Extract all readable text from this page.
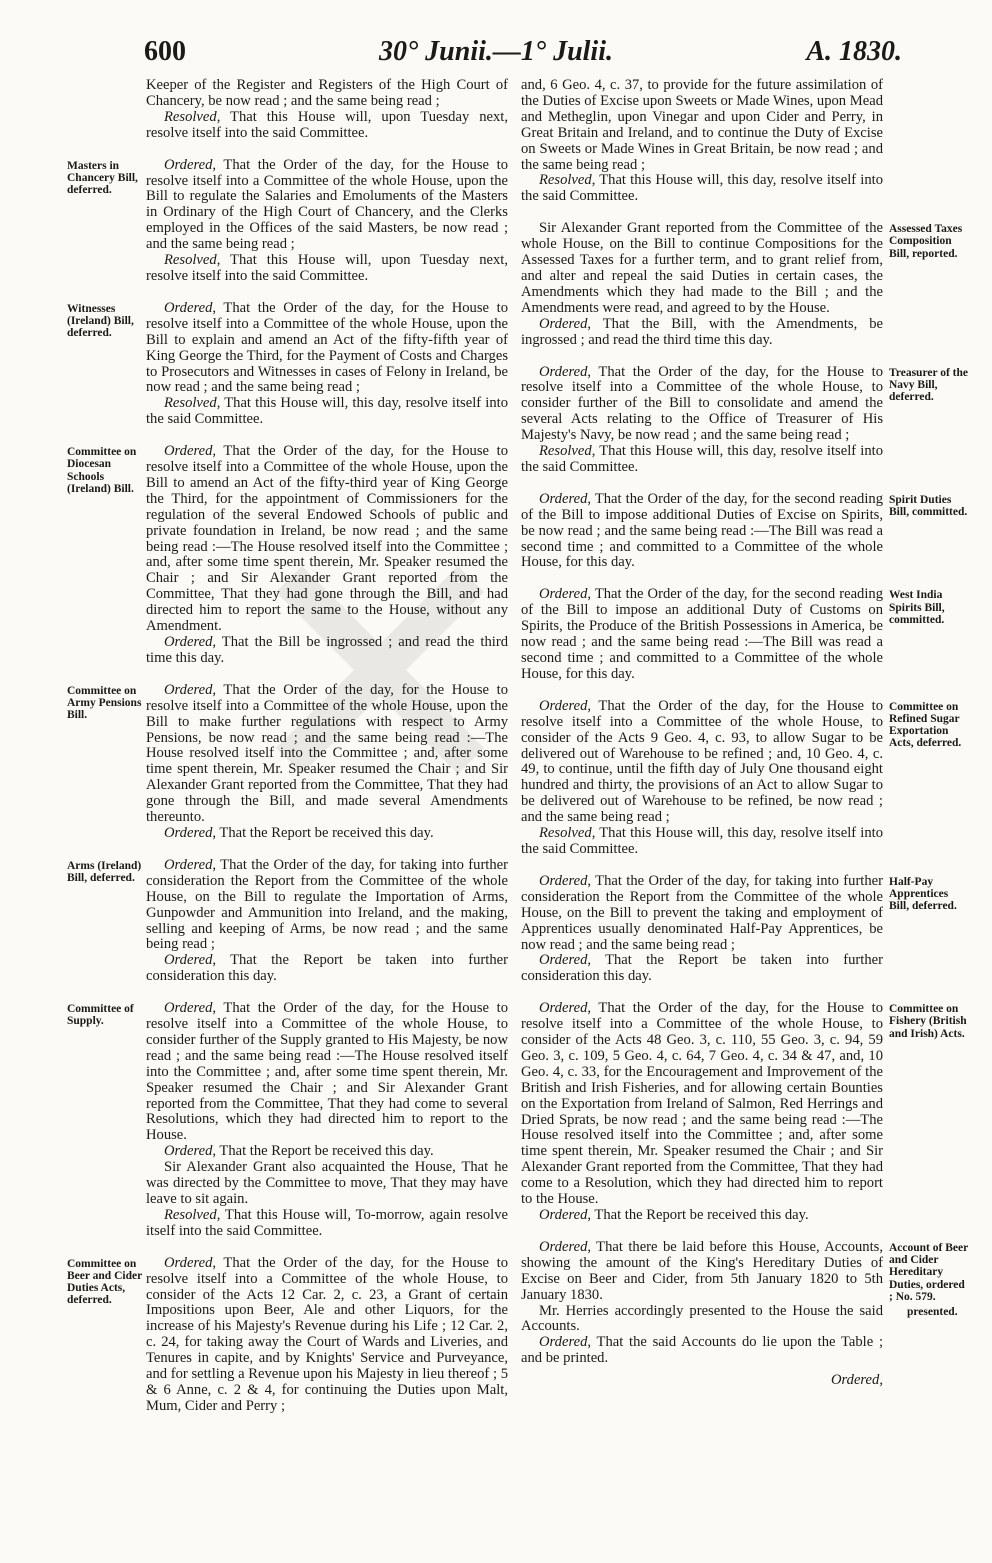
600	30° Junii.—1° Julii.	A. 1830.

Keeper of the Register and Registers of the High Court of Chancery, be now read ; and the same being read ;

Resolved, That this House will, upon Tuesday next, resolve itself into the said Committee.

Masters in Chancery Bill, deferred.

Ordered, That the Order of the day, for the House to resolve itself into a Committee of the whole House, upon the Bill to regulate the Salaries and Emoluments of the Masters in Ordinary of the High Court of Chancery, and the Clerks employed in the Offices of the said Masters, be now read ; and the same being read ;

Resolved, That this House will, upon Tuesday next, resolve itself into the said Committee.

Witnesses (Ireland) Bill, deferred.

Ordered, That the Order of the day, for the House to resolve itself into a Committee of the whole House, upon the Bill to explain and amend an Act of the fifty-fifth year of King George the Third, for the Payment of Costs and Charges to Prosecutors and Witnesses in cases of Felony in Ireland, be now read ; and the same being read ;

Resolved, That this House will, this day, resolve itself into the said Committee.

Committee on Diocesan Schools (Ireland) Bill.

Ordered, That the Order of the day, for the House to resolve itself into a Committee of the whole House, upon the Bill to amend an Act of the fifty-third year of King George the Third, for the appointment of Commissioners for the regulation of the several Endowed Schools of public and private foundation in Ireland, be now read ; and the same being read :—The House resolved itself into the Committee ; and, after some time spent therein, Mr. Speaker resumed the Chair ; and Sir Alexander Grant reported from the Committee, That they had gone through the Bill, and had directed him to report the same to the House, without any Amendment.

Ordered, That the Bill be ingrossed ; and read the third time this day.

Committee on Army Pensions Bill.

Ordered, That the Order of the day, for the House to resolve itself into a Committee of the whole House, upon the Bill to make further regulations with respect to Army Pensions, be now read ; and the same being read :—The House resolved itself into the Committee ; and, after some time spent therein, Mr. Speaker resumed the Chair ; and Sir Alexander Grant reported from the Committee, That they had gone through the Bill, and made several Amendments thereunto.

Ordered, That the Report be received this day.

Arms (Ireland) Bill, deferred.

Ordered, That the Order of the day, for taking into further consideration the Report from the Committee of the whole House, on the Bill to regulate the Importation of Arms, Gunpowder and Ammunition into Ireland, and the making, selling and keeping of Arms, be now read ; and the same being read ;

Ordered, That the Report be taken into further consideration this day.

Committee of Supply.

Ordered, That the Order of the day, for the House to resolve itself into a Committee of the whole House, to consider further of the Supply granted to His Majesty, be now read ; and the same being read :—The House resolved itself into the Committee ; and, after some time spent therein, Mr. Speaker resumed the Chair ; and Sir Alexander Grant reported from the Committee, That they had come to several Resolutions, which they had directed him to report to the House.

Ordered, That the Report be received this day.

Sir Alexander Grant also acquainted the House, That he was directed by the Committee to move, That they may have leave to sit again.

Resolved, That this House will, To-morrow, again resolve itself into the said Committee.

Committee on Beer and Cider Duties Acts, deferred.

Ordered, That the Order of the day, for the House to resolve itself into a Committee of the whole House, to consider of the Acts 12 Car. 2, c. 23, a Grant of certain Impositions upon Beer, Ale and other Liquors, for the increase of his Majesty's Revenue during his Life ; 12 Car. 2, c. 24, for taking away the Court of Wards and Liveries, and Tenures in capite, and by Knights' Service and Purveyance, and for settling a Revenue upon his Majesty in lieu thereof ; 5 & 6 Anne, c. 2 & 4, for continuing the Duties upon Malt, Mum, Cider and Perry ;

and, 6 Geo. 4, c. 37, to provide for the future assimilation of the Duties of Excise upon Sweets or Made Wines, upon Mead and Metheglin, upon Vinegar and upon Cider and Perry, in Great Britain and Ireland, and to continue the Duty of Excise on Sweets or Made Wines in Great Britain, be now read ; and the same being read ;

Resolved, That this House will, this day, resolve itself into the said Committee.

Assessed Taxes Composition Bill, reported.

Sir Alexander Grant reported from the Committee of the whole House, on the Bill to continue Compositions for the Assessed Taxes for a further term, and to grant relief from, and alter and repeal the said Duties in certain cases, the Amendments which they had made to the Bill ; and the Amendments were read, and agreed to by the House.

Ordered, That the Bill, with the Amendments, be ingrossed ; and read the third time this day.

Treasurer of the Navy Bill, deferred.

Ordered, That the Order of the day, for the House to resolve itself into a Committee of the whole House, to consider further of the Bill to consolidate and amend the several Acts relating to the Office of Treasurer of His Majesty's Navy, be now read ; and the same being read ;

Resolved, That this House will, this day, resolve itself into the said Committee.

Spirit Duties Bill, committed.

Ordered, That the Order of the day, for the second reading of the Bill to impose additional Duties of Excise on Spirits, be now read ; and the same being read :—The Bill was read a second time ; and committed to a Committee of the whole House, for this day.

West India Spirits Bill, committed.

Ordered, That the Order of the day, for the second reading of the Bill to impose an additional Duty of Customs on Spirits, the Produce of the British Possessions in America, be now read ; and the same being read :—The Bill was read a second time ; and committed to a Committee of the whole House, for this day.

Committee on Refined Sugar Exportation Acts, deferred.

Ordered, That the Order of the day, for the House to resolve itself into a Committee of the whole House, to consider of the Acts 9 Geo. 4, c. 93, to allow Sugar to be delivered out of Warehouse to be refined ; and, 10 Geo. 4, c. 49, to continue, until the fifth day of July One thousand eight hundred and thirty, the provisions of an Act to allow Sugar to be delivered out of Warehouse to be refined, be now read ; and the same being read ;

Resolved, That this House will, this day, resolve itself into the said Committee.

Half-Pay Apprentices Bill, deferred.

Ordered, That the Order of the day, for taking into further consideration the Report from the Committee of the whole House, on the Bill to prevent the taking and employment of Apprentices usually denominated Half-Pay Apprentices, be now read ; and the same being read ;

Ordered, That the Report be taken into further consideration this day.

Committee on Fishery (British and Irish) Acts.

Ordered, That the Order of the day, for the House to resolve itself into a Committee of the whole House, to consider of the Acts 48 Geo. 3, c. 110, 55 Geo. 3, c. 94, 59 Geo. 3, c. 109, 5 Geo. 4, c. 64, 7 Geo. 4, c. 34 & 47, and, 10 Geo. 4, c. 33, for the Encouragement and Improvement of the British and Irish Fisheries, and for allowing certain Bounties on the Exportation from Ireland of Salmon, Red Herrings and Dried Sprats, be now read ; and the same being read :—The House resolved itself into the Committee ; and, after some time spent therein, Mr. Speaker resumed the Chair ; and Sir Alexander Grant reported from the Committee, That they had come to a Resolution, which they had directed him to report to the House.

Ordered, That the Report be received this day.

Account of Beer and Cider Hereditary Duties, ordered ; No. 579.

Ordered, That there be laid before this House, Accounts, showing the amount of the King's Hereditary Duties of Excise on Beer and Cider, from 5th January 1820 to 5th January 1830.

Mr. Herries accordingly presented to the House the said Accounts.
presented.

Ordered, That the said Accounts do lie upon the Table ; and be printed.

Ordered,
